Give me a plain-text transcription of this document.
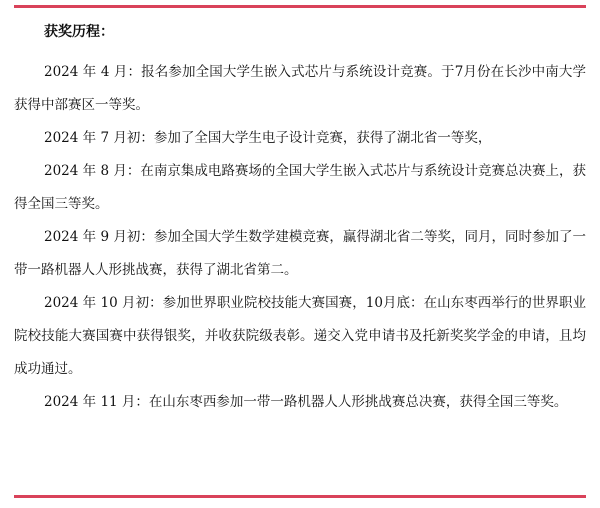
获奖历程：

2024 年 4 月：报名参加全国大学生嵌入式芯片与系统设计竞赛。于7月份在长沙中南大学获得中部赛区一等奖。

2024 年 7 月初：参加了全国大学生电子设计竞赛，获得了湖北省一等奖，

2024 年 8 月：在南京集成电路赛场的全国大学生嵌入式芯片与系统设计竞赛总决赛上，获得全国三等奖。

2024 年 9 月初：参加全国大学生数学建模竞赛，赢得湖北省二等奖，同月，同时参加了一带一路机器人人形挑战赛，获得了湖北省第二。

2024 年 10 月初：参加世界职业院校技能大赛国赛，10月底：在山东枣西举行的世界职业院校技能大赛国赛中获得银奖，并收获院级表彰。递交入党申请书及托新奖奖学金的申请，且均成功通过。

2024 年 11 月：在山东枣西参加一带一路机器人人形挑战赛总决赛，获得全国三等奖。
